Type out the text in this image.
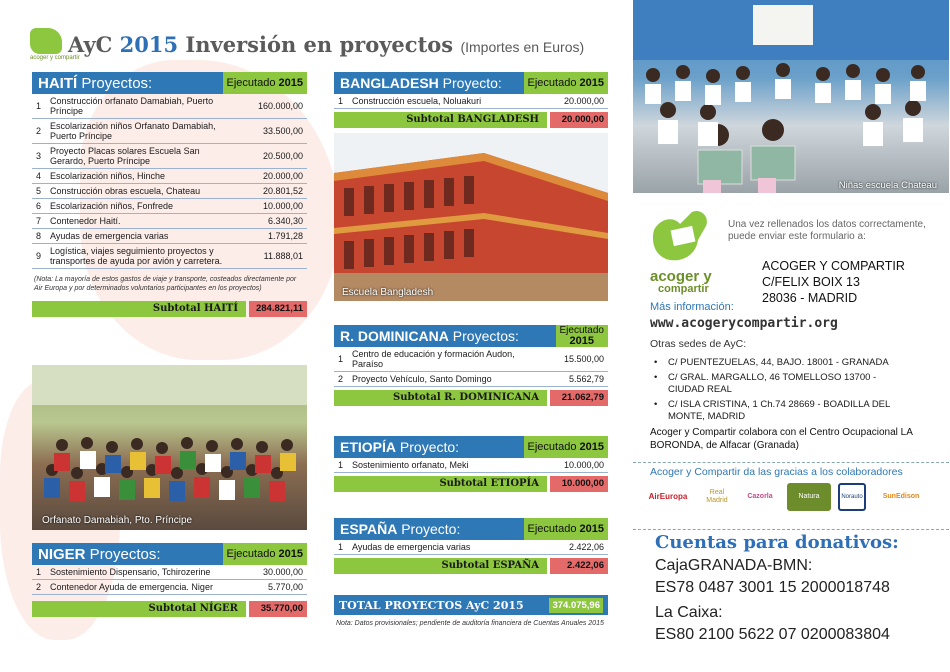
acoger y compartir
AyC 2015 Inversión en proyectos (Importes en Euros)
HAITÍ Proyectos:	Ejecutado 2015
1	Construcción orfanato Damabiah, Puerto Príncipe	160.000,00
2	Escolarización niños Orfanato Damabiah, Puerto Príncipe	33.500,00
3	Proyecto Placas solares Escuela San Gerardo, Puerto Príncipe	20.500,00
4	Escolarización niños, Hinche	20.000,00
5	Construcción obras escuela, Chateau	20.801,52
6	Escolarización niños, Fonfrede	10.000,00
7	Contenedor Haití.	6.340,30
8	Ayudas de emergencia varias	1.791,28
9	Logística, viajes seguimiento proyectos y transportes de ayuda por avión y carretera.	11.888,01
(Nota: La mayoría de estos gastos de viaje y transporte, costeados directamente por Air Europa y por determinados voluntarios participantes en los proyectos)
Subtotal HAITÍ	284.821,11
Orfanato Damabiah, Pto. Príncipe
NIGER Proyectos:	Ejecutado 2015
1	Sostenimiento Dispensario, Tchirozerine	30.000,00
2	Contenedor Ayuda de emergencia. Niger	5.770,00
Subtotal NÍGER	35.770,00
BANGLADESH Proyecto:	Ejecutado 2015
1	Construcción escuela, Noluakuri	20.000,00
Subtotal BANGLADESH	20.000,00
Escuela Bangladesh
R. DOMINICANA Proyectos:	Ejecutado
2015
1	Centro de educación y formación Audon, Paraíso	15.500,00
2	Proyecto Vehículo, Santo Domingo	5.562,79
Subtotal R. DOMINICANA	21.062,79
ETIOPÍA Proyecto:	Ejecutado 2015
1	Sostenimiento orfanato, Meki	10.000,00
Subtotal ETIOPÍA	10.000,00
ESPAÑA Proyecto:	Ejecutado 2015
1	Ayudas de emergencia varias	2.422,06
Subtotal ESPAÑA	2.422,06
TOTAL PROYECTOS AyC 2015	374.075,96
Nota: Datos provisionales; pendiente de auditoría financiera de Cuentas Anuales 2015
Niñas escuela Chateau
acoger y
compartir
Una vez rellenados los datos correctamente, puede enviar este formulario a:
ACOGER Y COMPARTIR
C/FELIX BOIX 13
28036 - MADRID
Más información:
www.acogerycompartir.org
Otras sedes de AyC:
• C/ PUENTEZUELAS, 44, BAJO. 18001 - GRANADA
• C/ GRAL. MARGALLO, 46 TOMELLOSO 13700 - CIUDAD REAL
• C/ ISLA CRISTINA, 1 Ch.74 28669 - BOADILLA DEL MONTE, MADRID
Acoger y Compartir colabora con el Centro Ocupacional LA BORONDA, de Alfacar (Granada)
Acoger y Compartir da las gracias a los colaboradores
AirEuropa	Real Madrid
Cazorla	Natura	Norauto	SunEdison
Cuentas para donativos:
CajaGRANADA-BMN:
ES78 0487 3001 15 2000018748
La Caixa:
ES80 2100 5622 07 0200083804
